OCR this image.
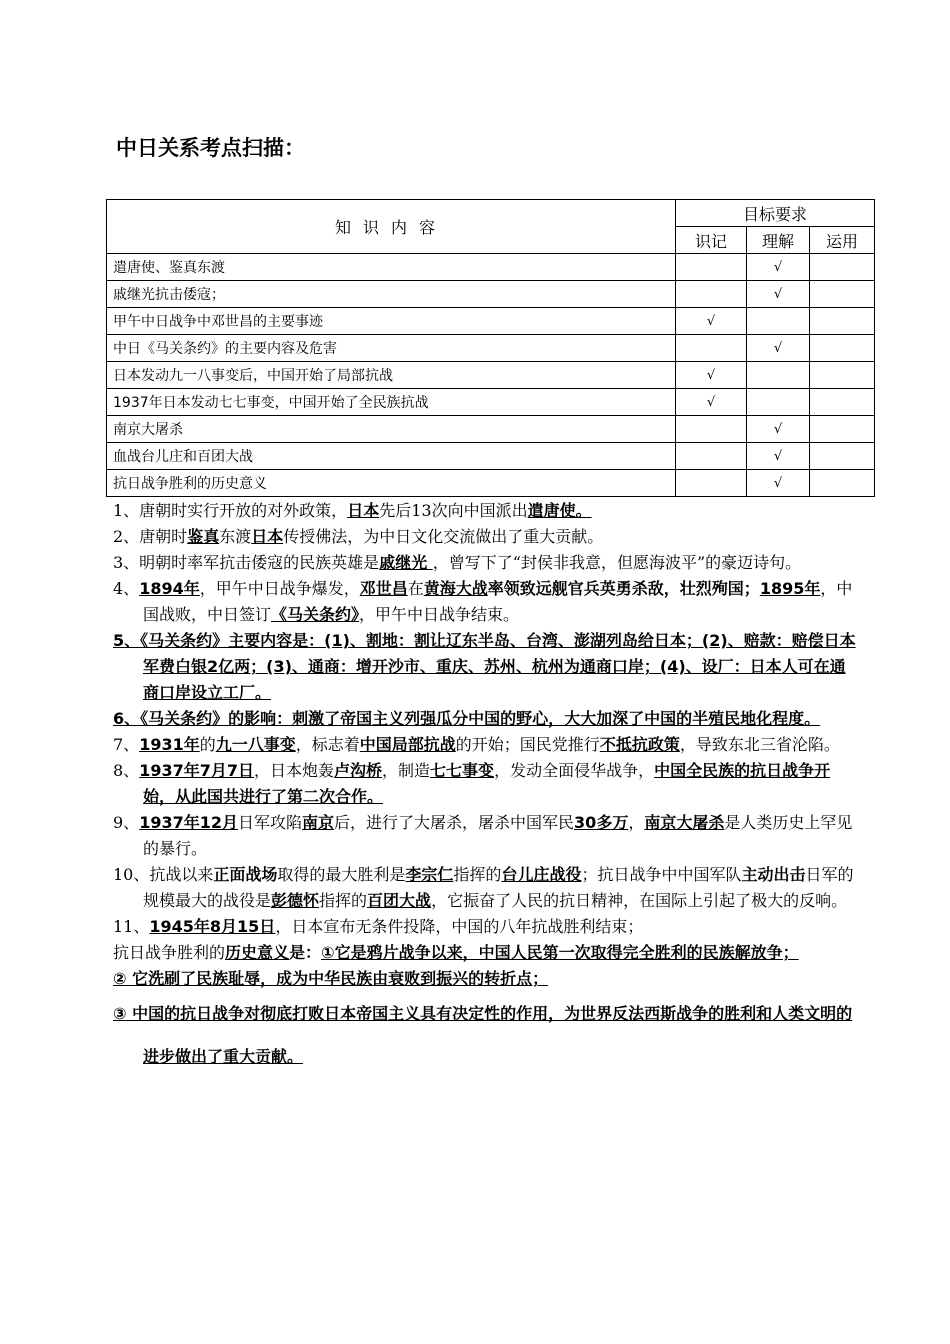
中日关系考点扫描：
知识内容	目标要求		
	识记	理解	运用
遣唐使、鉴真东渡		√	
戚继光抗击倭寇；		√	
甲午中日战争中邓世昌的主要事迹	√		
中日《马关条约》的主要内容及危害		√	
日本发动九一八事变后，中国开始了局部抗战	√		
1937年日本发动七七事变，中国开始了全民族抗战	√		
南京大屠杀		√	
血战台儿庄和百团大战		√	
抗日战争胜利的历史意义		√	

1、唐朝时实行开放的对外政策，日本先后13次向中国派出遣唐使。

2、唐朝时鉴真东渡日本传授佛法，为中日文化交流做出了重大贡献。

3、明朝时率军抗击倭寇的民族英雄是戚继光 ，曾写下了“封侯非我意，但愿海波平”的豪迈诗句。

4、1894年，甲午中日战争爆发，邓世昌在黄海大战率领致远舰官兵英勇杀敌，壮烈殉国；1895年，中国战败，中日签订《马关条约》，甲午中日战争结束。

5、《马关条约》主要内容是：(1)、割地：割让辽东半岛、台湾、澎湖列岛给日本；(2)、赔款：赔偿日本军费白银2亿两；(3)、通商：增开沙市、重庆、苏州、杭州为通商口岸；(4)、设厂：日本人可在通商口岸设立工厂。

6、《马关条约》的影响：刺激了帝国主义列强瓜分中国的野心，大大加深了中国的半殖民地化程度。

7、1931年的九一八事变，标志着中国局部抗战的开始；国民党推行不抵抗政策，导致东北三省沦陷。

8、1937年7月7日，日本炮轰卢沟桥，制造七七事变，发动全面侵华战争，中国全民族的抗日战争开始，从此国共进行了第二次合作。

9、1937年12月日军攻陷南京后，进行了大屠杀，屠杀中国军民30多万，南京大屠杀是人类历史上罕见的暴行。

10、抗战以来正面战场取得的最大胜利是李宗仁指挥的台儿庄战役；抗日战争中中国军队主动出击日军的规模最大的战役是彭德怀指挥的百团大战，它振奋了人民的抗日精神，在国际上引起了极大的反响。

11、1945年8月15日，日本宣布无条件投降，中国的八年抗战胜利结束；

抗日战争胜利的历史意义是：①它是鸦片战争以来，中国人民第一次取得完全胜利的民族解放争；

② 它洗刷了民族耻辱，成为中华民族由衰败到振兴的转折点；

③ 中国的抗日战争对彻底打败日本帝国主义具有决定性的作用，为世界反法西斯战争的胜利和人类文明的进步做出了重大贡献。
